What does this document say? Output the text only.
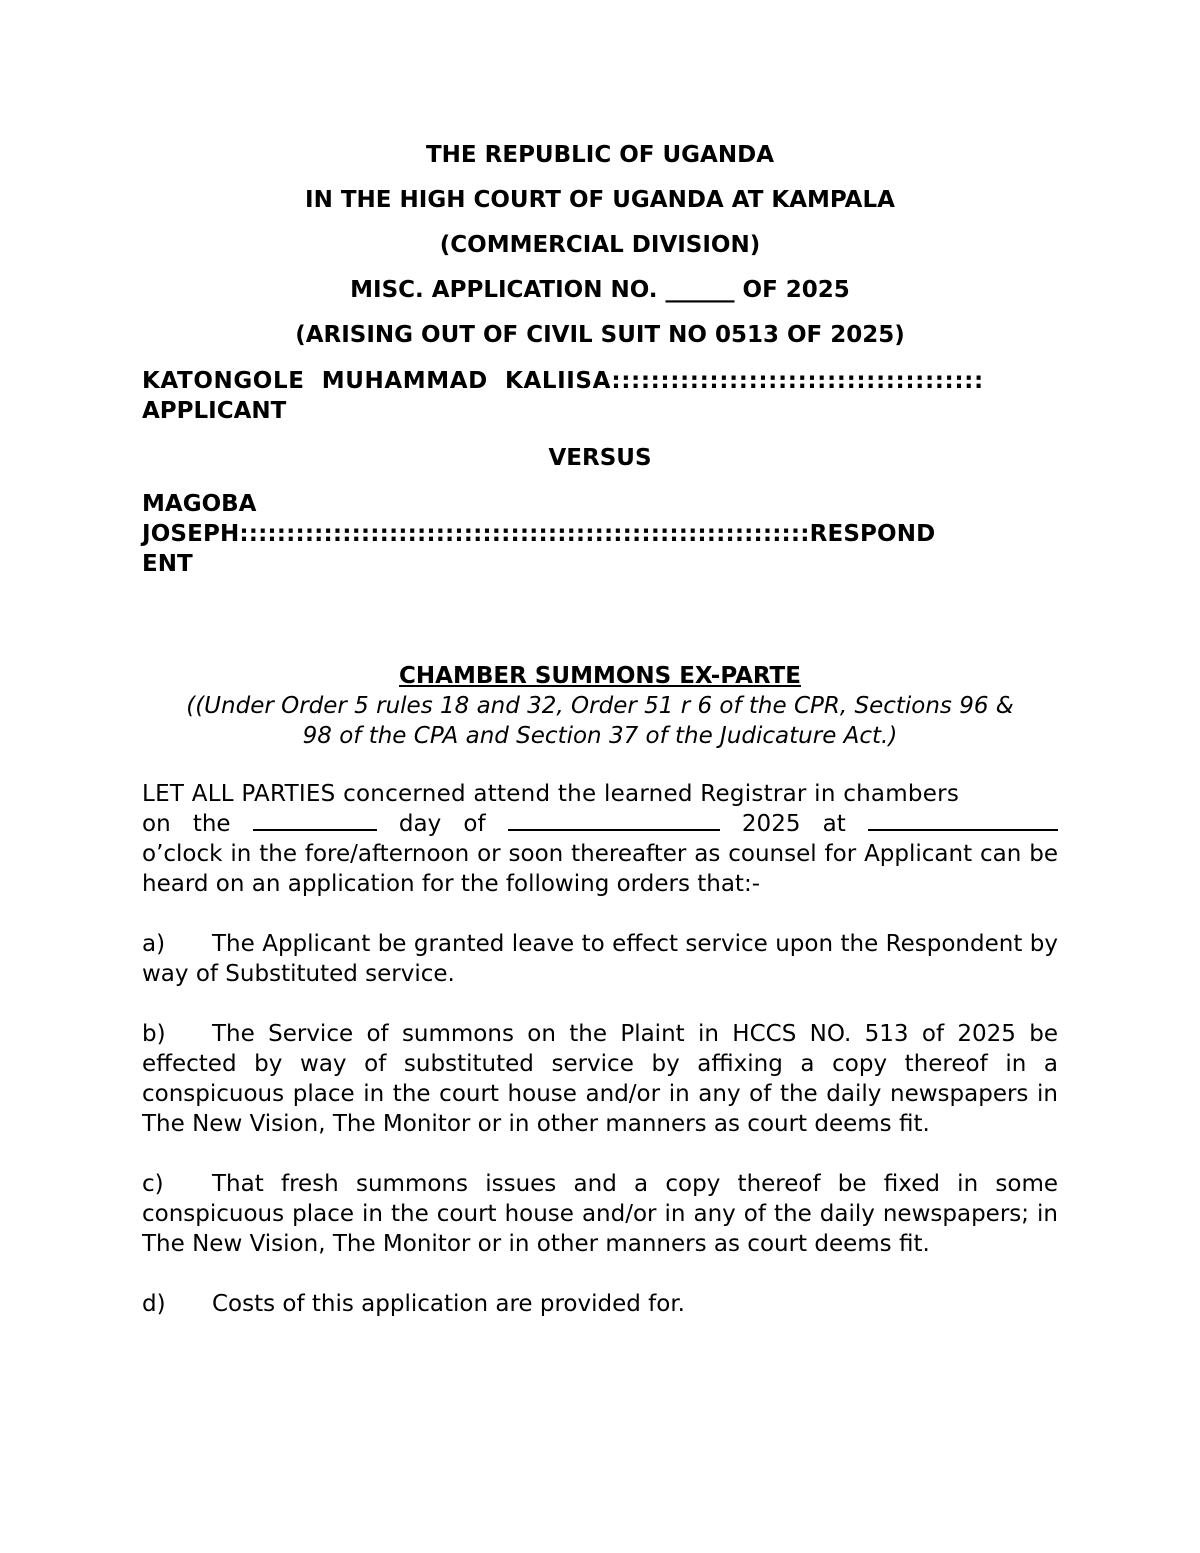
THE REPUBLIC OF UGANDA

IN THE HIGH COURT OF UGANDA AT KAMPALA

(COMMERCIAL DIVISION)

MISC. APPLICATION NO. ______ OF 2025

(ARISING OUT OF CIVIL SUIT NO 0513 OF 2025)

KATONGOLE  MUHAMMAD  KALIISA::::::::::::::::::::::::::::::::::::::
APPLICANT

VERSUS

MAGOBA
JOSEPH:::::::::::::::::::::::::::::::::::::::::::::::::::::::::::::RESPOND
ENT
CHAMBER SUMMONS EX-PARTE

((Under Order 5 rules 18 and 32, Order 51 r 6 of the CPR, Sections 96 &

98 of the CPA and Section 37 of the Judicature Act.)

LET ALL PARTIES concerned attend the learned Registrar in chambers
on the	day of	2025 at
o’clock in the fore/afternoon or soon thereafter as counsel for Applicant can be heard on an application for the following orders that:-
a) The Applicant be granted leave to effect service upon the Respondent by way of Substituted service.
b) The Service of summons on the Plaint in HCCS NO. 513 of 2025 be effected by way of substituted service by affixing a copy thereof in a conspicuous place in the court house and/or in any of the daily newspapers in The New Vision, The Monitor or in other manners as court deems fit.
c) That fresh summons issues and a copy thereof be fixed in some conspicuous place in the court house and/or in any of the daily newspapers; in The New Vision, The Monitor or in other manners as court deems fit.
d) Costs of this application are provided for.
